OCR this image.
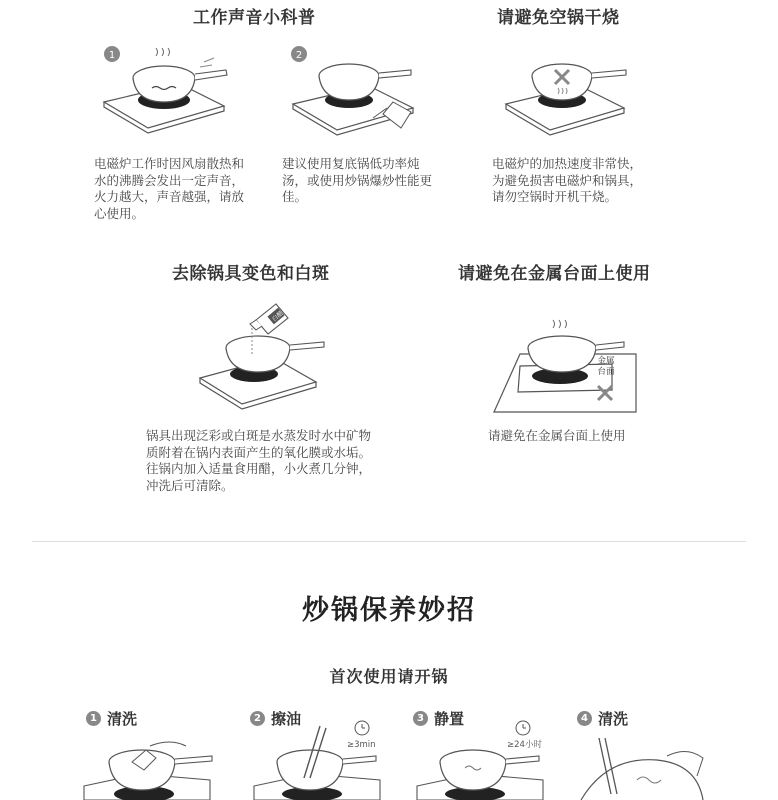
工作声音小科普	请避免空锅干烧
1	2
电磁炉工作时因风扇散热和水的沸腾会发出一定声音，火力越大，声音越强，请放心使用。
建议使用复底锅低功率炖汤，或使用炒锅爆炒性能更佳。
电磁炉的加热速度非常快，为避免损害电磁炉和锅具，请勿空锅时开机干烧。
去除锅具变色和白斑	请避免在金属台面上使用
白醋
金属台面
锅具出现泛彩或白斑是水蒸发时水中矿物质附着在锅内表面产生的氧化膜或水垢。往锅内加入适量食用醋，小火煮几分钟，冲洗后可清除。
请避免在金属台面上使用
炒锅保养妙招
首次使用请开锅
1 清洗	2 擦油	3 静置	4 清洗
≥3min	≥24小时
